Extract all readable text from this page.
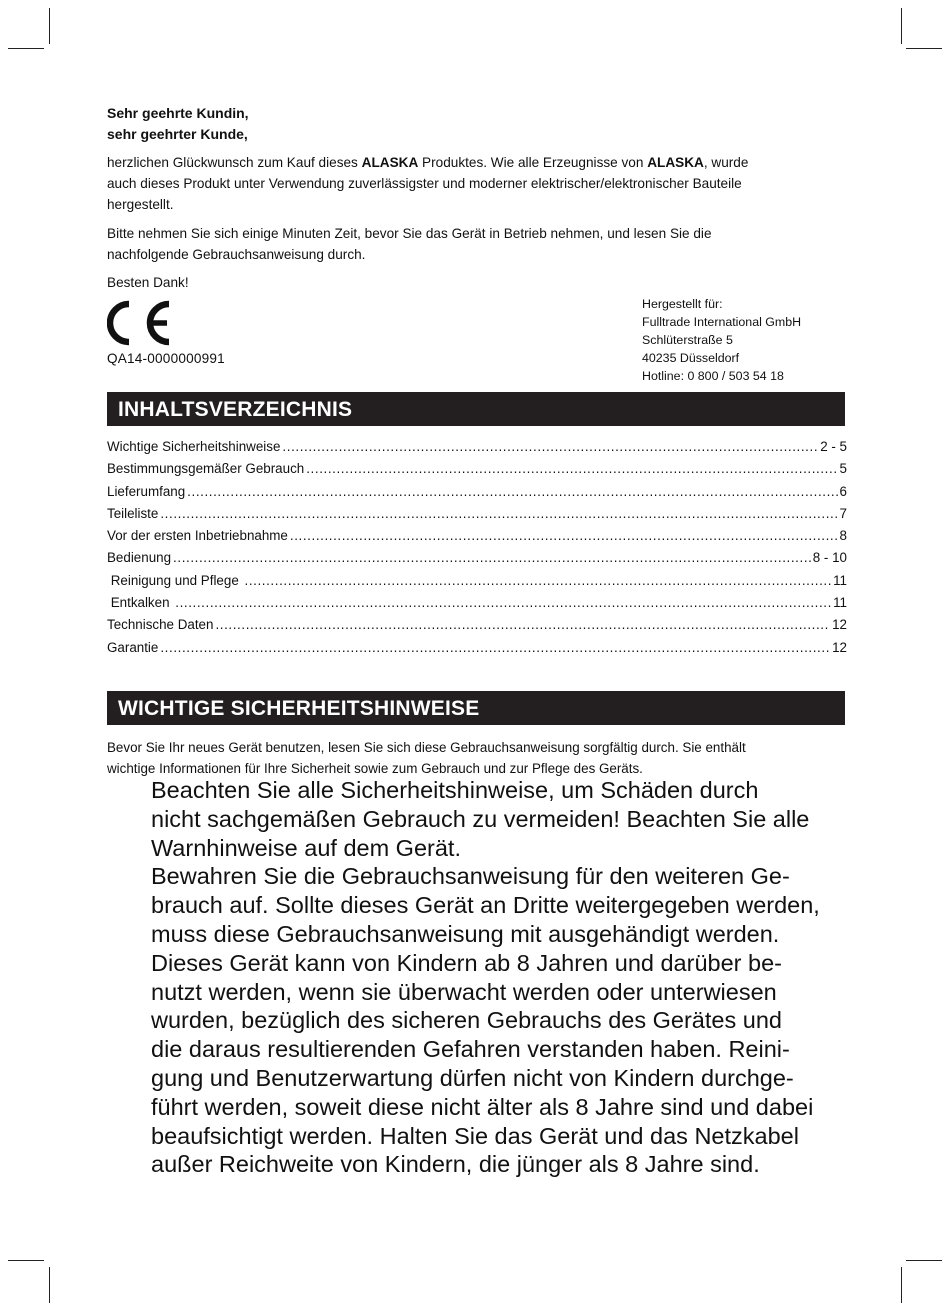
Sehr geehrte Kundin,
sehr geehrter Kunde,
herzlichen Glückwunsch zum Kauf dieses ALASKA Produktes. Wie alle Erzeugnisse von ALASKA, wurde
auch dieses Produkt unter Verwendung zuverlässigster und moderner elektrischer/elektronischer Bauteile
hergestellt.
Bitte nehmen Sie sich einige Minuten Zeit, bevor Sie das Gerät in Betrieb nehmen, und lesen Sie die
nachfolgende Gebrauchsanweisung durch.
Besten Dank!
QA14-0000000991
Hergestellt für:
Fulltrade International GmbH
Schlüterstraße 5
40235 Düsseldorf
Hotline: 0 800 / 503 54 18
INHALTSVERZEICHNIS
Wichtige Sicherheitshinweise .....	2 - 5
Bestimmungsgemäßer Gebrauch .....	5
Lieferumfang .....	6
Teileliste .....	7
Vor der ersten Inbetriebnahme .....	8
Bedienung .....	8 - 10
Reinigung und Pflege .....	11
Entkalken .....	11
Technische Daten .....	12
Garantie .....	12
WICHTIGE SICHERHEITSHINWEISE
Bevor Sie Ihr neues Gerät benutzen, lesen Sie sich diese Gebrauchsanweisung sorgfältig durch. Sie enthält
wichtige Informationen für Ihre Sicherheit sowie zum Gebrauch und zur Pflege des Geräts.
Beachten Sie alle Sicherheitshinweise, um Schäden durch
nicht sachgemäßen Gebrauch zu vermeiden! Beachten Sie alle
Warnhinweise auf dem Gerät.
Bewahren Sie die Gebrauchsanweisung für den weiteren Ge-
brauch auf. Sollte dieses Gerät an Dritte weitergegeben werden,
muss diese Gebrauchsanweisung mit ausgehändigt werden.
Dieses Gerät kann von Kindern ab 8 Jahren und darüber be-
nutzt werden, wenn sie überwacht werden oder unterwiesen
wurden, bezüglich des sicheren Gebrauchs des Gerätes und
die daraus resultierenden Gefahren verstanden haben. Reini-
gung und Benutzerwartung dürfen nicht von Kindern durchge-
führt werden, soweit diese nicht älter als 8 Jahre sind und dabei
beaufsichtigt werden. Halten Sie das Gerät und das Netzkabel
außer Reichweite von Kindern, die jünger als 8 Jahre sind.
